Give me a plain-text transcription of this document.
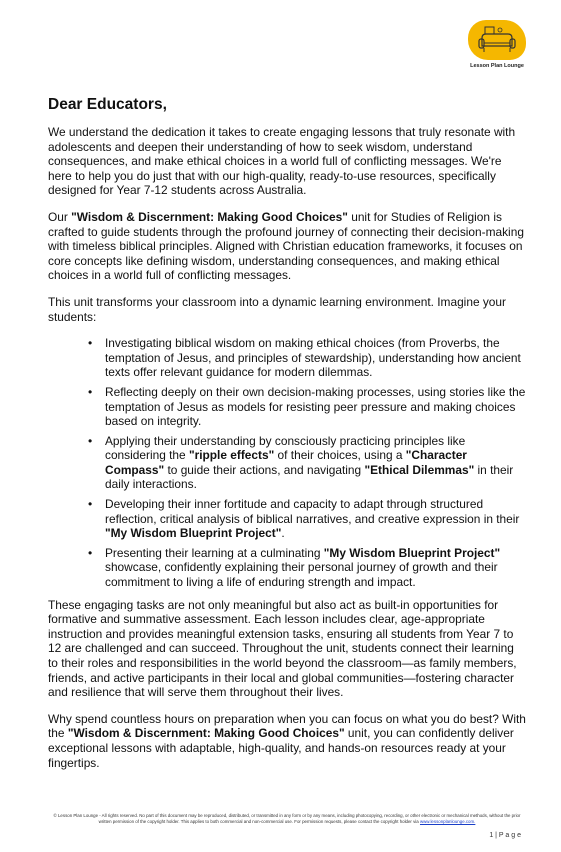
Lesson Plan Lounge
Dear Educators,

We understand the dedication it takes to create engaging lessons that truly resonate with adolescents and deepen their understanding of how to seek wisdom, understand consequences, and make ethical choices in a world full of conflicting messages. We're here to help you do just that with our high-quality, ready-to-use resources, specifically designed for Year 7-12 students across Australia.

Our "Wisdom & Discernment: Making Good Choices" unit for Studies of Religion is crafted to guide students through the profound journey of connecting their decision-making with timeless biblical principles. Aligned with Christian education frameworks, it focuses on core concepts like defining wisdom, understanding consequences, and making ethical choices in a world full of conflicting messages.

This unit transforms your classroom into a dynamic learning environment. Imagine your students:

• Investigating biblical wisdom on making ethical choices (from Proverbs, the temptation of Jesus, and principles of stewardship), understanding how ancient texts offer relevant guidance for modern dilemmas.
• Reflecting deeply on their own decision-making processes, using stories like the temptation of Jesus as models for resisting peer pressure and making choices based on integrity.
• Applying their understanding by consciously practicing principles like considering the "ripple effects" of their choices, using a "Character Compass" to guide their actions, and navigating "Ethical Dilemmas" in their daily interactions.
• Developing their inner fortitude and capacity to adapt through structured reflection, critical analysis of biblical narratives, and creative expression in their "My Wisdom Blueprint Project".
• Presenting their learning at a culminating "My Wisdom Blueprint Project" showcase, confidently explaining their personal journey of growth and their commitment to living a life of enduring strength and impact.

These engaging tasks are not only meaningful but also act as built-in opportunities for formative and summative assessment. Each lesson includes clear, age-appropriate instruction and provides meaningful extension tasks, ensuring all students from Year 7 to 12 are challenged and can succeed. Throughout the unit, students connect their learning to their roles and responsibilities in the world beyond the classroom—as family members, friends, and active participants in their local and global communities—fostering character and resilience that will serve them throughout their lives.

Why spend countless hours on preparation when you can focus on what you do best? With the "Wisdom & Discernment: Making Good Choices" unit, you can confidently deliver exceptional lessons with adaptable, high-quality, and hands-on resources ready at your fingertips.

© Lesson Plan Lounge - All rights reserved. No part of this document may be reproduced, distributed, or transmitted in any form or by any means, including photocopying, recording, or other electronic or mechanical methods, without the prior written permission of the copyright holder. This applies to both commercial and non-commercial use. For permission requests, please contact the copyright holder via www.lessonplanlounge.com.
1 | P a g e
